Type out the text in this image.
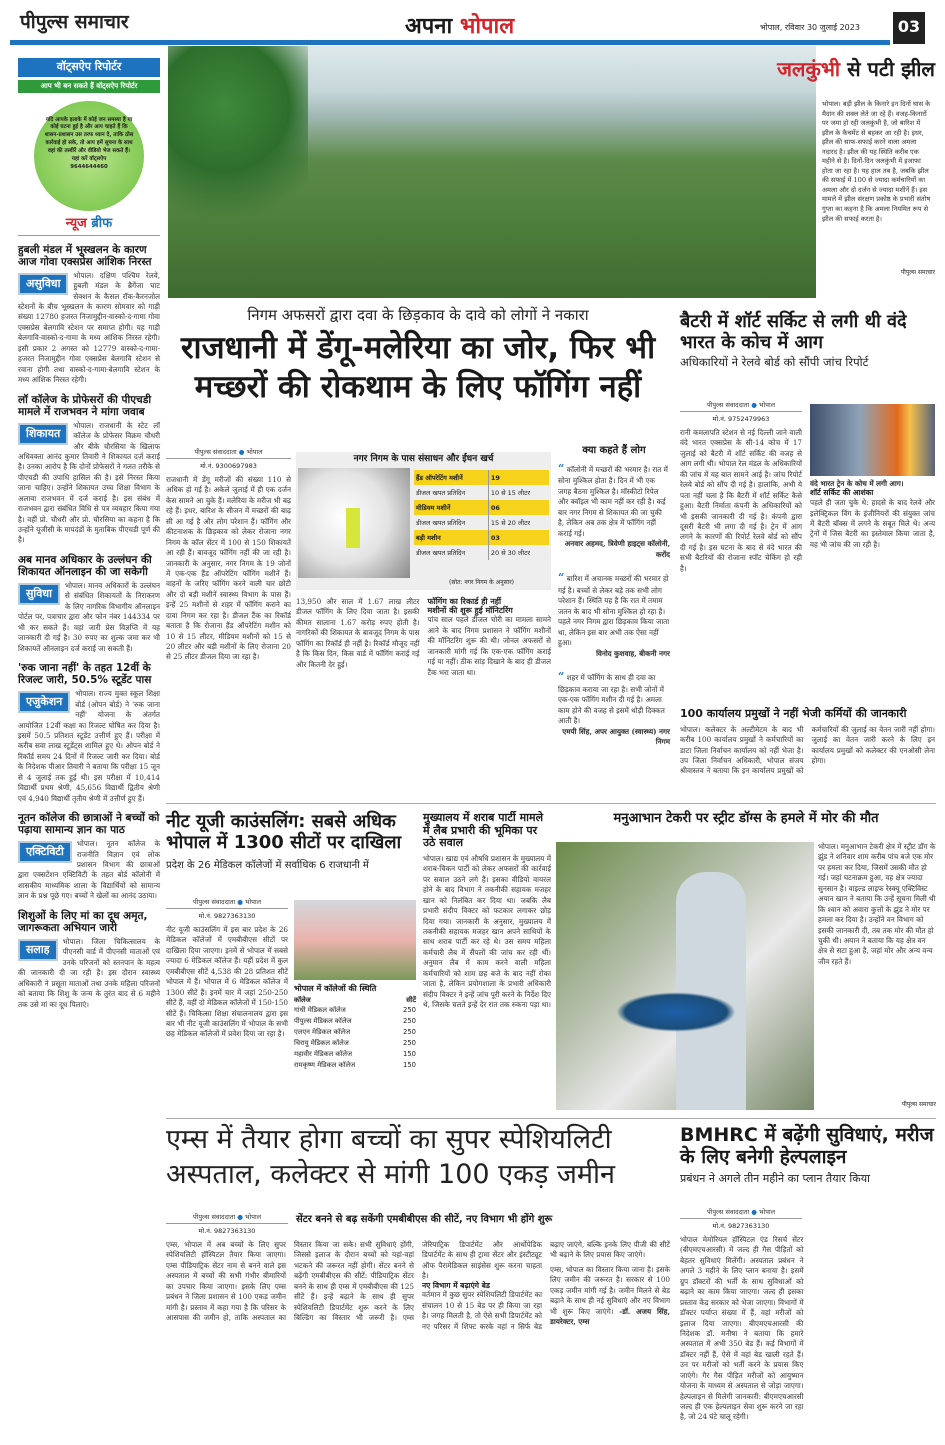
पीपुल्स समाचार	अपना भोपाल	भोपाल, रविवार 30 जुलाई 2023	03
वॉट्सऐप रिपोर्टर
आप भी बन सकते हैं वॉट्सऐप रिपोर्टर
यदि आपके इलाके में कोई जन समस्या है या कोई घटना हुई है और आप चाहते हैं कि शासन-प्रशासन उस तरफ ध्यान दे, ताकि ठोस कार्रवाई हो सके, तो आप हमें सूचना के साथ वहां की तस्वीरें और वीडियो भेज सकते हैं।
यहां करें वॉट्सऐप
9644644460
न्यूज ब्रीफ
हुबली मंडल में भूस्खलन के कारण आज गोवा एक्सप्रेस आंशिक निरस्त
असुविधा
भोपाल। दक्षिण पश्चिम रेलवे, हुबली मंडल के ब्रैगेंजा घाट सेक्शन के कैसल रॉक-कैरनजोल स्टेशनों के बीच भूस्खलन के कारण सोमवार को गाड़ी संख्या 12780 हजरत निजामुद्दीन-वास्को-द-गामा गोवा एक्सप्रेस बेलगावि स्टेशन पर समाप्त होगी। यह गाड़ी बेलगावि-वास्को-द-गामा के मध्य आंशिक निरस्त रहेगी। इसी प्रकार 2 अगस्त को 12779 वास्को-द-गामा-हजरत निजामुद्दीन गोवा एक्सप्रेस बेलगावि स्टेशन से रवाना होगी तथा वास्को-द-गामा-बेलगावि स्टेशन के मध्य आंशिक निरस्त रहेगी।
लॉ कॉलेज के प्रोफेसरों की पीएचडी मामले में राजभवन ने मांगा जवाब
शिकायत
भोपाल। राजधानी के स्टेट लॉ कॉलेज के प्रोफेसर विक्रम चौधरी और बीके चौरसिया के खिलाफ अधिवक्ता आनंद कुमार तिवारी ने शिकायत दर्ज कराई है। उनका आरोप है कि दोनों प्रोफेसरों ने गलत तरीके से पीएचडी की उपाधि हासिल की है। इसे निरस्त किया जाना चाहिए। उन्होंने शिकायत उच्च शिक्षा विभाग के अलावा राजभवन में दर्ज कराई है। इस संबंध में राजभवन द्वारा संबंधित विधि से पत्र व्यवहार किया गया है। वहीं प्रो. चौधरी और प्रो. चौरसिया का कहना है कि उन्होंने यूजीसी के मापदंडों के मुताबिक पीएचडी पूर्ण की है।
अब मानव अधिकार के उल्लंघन की शिकायत ऑनलाइन की जा सकेगी
सुविधा
भोपाल। मानव अधिकारों के उल्लंघन से संबंधित शिकायतों के निराकरण के लिए नागरिक विभागीय ऑनलाइन पोर्टल पर, पत्राचार द्वारा और फोन नंबर 144334 पर भी कर सकते हैं। वहां जारी प्रेस विज्ञप्ति में यह जानकारी दी गई है। 30 रुपए का शुल्क जमा कर भी शिकायतें ऑनलाइन दर्ज कराई जा सकती हैं।
'रुक जाना नहीं' के तहत 12वीं के रिजल्ट जारी, 50.5% स्टूडेंट पास
एजुकेशन
भोपाल। राज्य मुक्त स्कूल शिक्षा बोर्ड (ओपन बोर्ड) ने 'रुक जाना नहीं' योजना के अंतर्गत आयोजित 12वीं कक्षा का रिजल्ट घोषित कर दिया है। इसमें 50.5 प्रतिशत स्टूडेंट उत्तीर्ण हुए हैं। परीक्षा में करीब सवा लाख स्टूडेंट्स शामिल हुए थे। ओपन बोर्ड ने रिकॉर्ड समय 24 दिनों में रिजल्ट जारी कर दिया। बोर्ड के निदेशक पीआर तिवारी ने बताया कि परीक्षा 15 जून से 4 जुलाई तक हुई थी। इस परीक्षा में 10,414 विद्यार्थी प्रथम श्रेणी, 45,656 विद्यार्थी द्वितीय श्रेणी एवं 4,940 विद्यार्थी तृतीय श्रेणी में उत्तीर्ण हुए हैं।
नूतन कॉलेज की छात्राओं ने बच्चों को पढ़ाया सामान्य ज्ञान का पाठ
एक्टिविटी
भोपाल। नूतन कॉलेज के राजनीति विज्ञान एवं लोक प्रशासन विभाग की छात्राओं द्वारा एक्सटेंशन एक्टिविटी के तहत बोर्ड कॉलोनी में शासकीय माध्यमिक शाला के विद्यार्थियों को सामान्य ज्ञान के प्रश्न पूछे गए। बच्चों ने खेलों का आनंद उठाया।
शिशुओं के लिए मां का दूध अमृत, जागरूकता अभियान जारी
सलाह
भोपाल। जिला चिकित्सालय के पीएनसी वार्ड में पीएनसी माताओं एवं उनके परिजनों को स्तनपान के महत्व की जानकारी दी जा रही है। इस दौरान स्वास्थ्य अधिकारी ने प्रसूता माताओं तथा उनके महिला परिजनों को बताया कि शिशु के जन्म के तुरंत बाद से 6 महीने तक उसे मां का दूध पिलाएं।
जलकुंभी से पटी झील
भोपाल। बड़ी झील के किनारे इन दिनों घास के मैदान की शक्ल लेते जा रहे हैं। वजह-किनारों पर जमा हो रही जलकुंभी है, जो बारिश में झील के कैचमेंट से बहकर आ रही है। इधर, झील की साफ-सफाई करने वाला अमला नदारद है। झील की यह स्थिति करीब एक महीने से है। दिनों-दिन जलकुंभी में इजाफा होता जा रहा है। यह हाल तब है, जबकि झील की सफाई में 100 से ज्यादा कर्मचारियों का अमला और दो दर्जन से ज्यादा मशीनें हैं। इस मामले में झील संरक्षण प्रकोष्ठ के प्रभारी संतोष गुप्ता का कहना है कि अमला नियमित रूप से झील की सफाई करता है।
पीपुल्स समाचार
निगम अफसरों द्वारा दवा के छिड़काव के दावे को लोगों ने नकारा
राजधानी में डेंगू-मलेरिया का जोर, फिर भी मच्छरों की रोकथाम के लिए फॉगिंग नहीं
पीपुल्स संवाददाता ● भोपाल
मो.नं. 9300697983
राजधानी में डेंगू मरीजों की संख्या 110 से अधिक हो गई है। अकेले जुलाई में ही एक दर्जन केस सामने आ चुके हैं। मलेरिया के मरीज भी बढ़ रहे हैं। इधर, बारिश के सीजन में मच्छरों की बाढ़ सी आ गई है और लोग परेशान हैं। फॉगिंग और कीटनाशक के छिड़काव को लेकर रोजाना नगर निगम के कॉल सेंटर में 100 से 150 शिकायतें आ रही हैं। बावजूद फॉगिंग नहीं की जा रही है। जानकारी के अनुसार, नगर निगम के 19 जोनों में एक-एक हैंड ऑपरेटिंग फॉगिंग मशीनें हैं। वाहनों के जरिए फॉगिंग करने वाली चार छोटी और दो बड़ी मशीनें स्वास्थ्य विभाग के पास हैं। इन्हें 25 मशीनों से शहर में फॉगिंग कराने का दावा निगम कर रहा है। डीजल टैंक का रिकॉर्ड बताता है कि रोजाना हैंड ऑपरेटिंग मशीन को 10 से 15 लीटर, मीडियम मशीनों को 15 से 20 लीटर और बड़ी मशीनों के लिए रोजाना 20 से 25 लीटर डीजल दिया जा रहा है।
नगर निगम के पास संसाधन और ईंधन खर्च
हैंड ऑपरेटिंग मशीनें	19
डीजल खपत प्रतिदिन	10 से 15 लीटर
मीडियम मशीनें	06
डीजल खपत प्रतिदिन	15 से 20 लीटर
बड़ी मशीन	03
डीजल खपत प्रतिदिन	20 से 30 लीटर
(स्रोत: नगर निगम के अनुसार)
13,950 और साल में 1.67 लाख लीटर डीजल फॉगिंग के लिए दिया जाता है। इसकी कीमत सालाना 1.67 करोड़ रुपए होती है। नागरिकों की शिकायत के बावजूद निगम के पास फॉगिंग का रिकॉर्ड ही नहीं है। रिकॉर्ड मौजूद नहीं है कि किस दिन, किस वार्ड में फॉगिंग कराई गई और कितनी देर हुई।
फॉगिंग का रिकार्ड ही नहीं
मशीनों की शुरू हुई मॉनिटरिंग
पांच साल पहले डीजल चोरी का मामला सामने आने के बाद निगम प्रशासन ने फॉगिंग मशीनों की मॉनिटरिंग शुरू की थी। जोनल अफसरों से जानकारी मांगी गई कि एक-एक फॉगिंग कराई गई या नहीं। ठीक सांड़ दिखाने के बाद ही डीजल टैंक भरा जाता था।
क्या कहते हैं लोग
“ कॉलोनी में मच्छरों की भरमार है। रात में सोना मुश्किल होता है। दिन में भी एक जगह बैठना मुश्किल है। मॉस्कीटो रिपेल और क्वॉइल भी काम नहीं कर रही है। कई बार नगर निगम से शिकायत की जा चुकी है, लेकिन अब तक क्षेत्र में फॉगिंग नहीं कराई गई।
अनवार अहमद, त्रिवेणी हाइट्स कॉलोनी, करोंद
“ बारिश में अचानक मच्छरों की भरमार हो गई है। बच्चों से लेकर बड़े तक सभी लोग परेशान हैं। स्थिति यह है कि रात में तमाम जतन के बाद भी सोना मुश्किल हो रहा है। पहले नगर निगम द्वारा छिड़काव किया जाता था, लेकिन इस बार अभी तक ऐसा नहीं हुआ।
विनोद कुशवाह, बीकनी नगर
“ शहर में फॉगिंग के साथ ही दवा का छिड़काव कराया जा रहा है। सभी जोनों में एक-एक फॉगिंग मशीन दी गई है। अमला काम होने की वजह से इसमें थोड़ी दिक्कत आती है।
एमपी सिंह, अपर आयुक्त (स्वास्थ्य) नगर निगम
बैटरी में शॉर्ट सर्किट से लगी थी वंदे भारत के कोच में आग
अधिकारियों ने रेलवे बोर्ड को सौंपी जांच रिपोर्ट
पीपुल्स संवाददाता ● भोपाल
मो.नं. 9752479963
रानी कमलापति स्टेशन से नई दिल्ली जाने वाली वंदे भारत एक्सप्रेस के सी-14 कोच में 17 जुलाई को बैटरी में शॉर्ट सर्किट की वजह से आग लगी थी। भोपाल रेल मंडल के अधिकारियों की जांच में यह बात सामने आई है। जांच रिपोर्ट रेलवे बोर्ड को सौंप दी गई है। हालांकि, अभी ये पता नहीं चला है कि बैटरी में शॉर्ट सर्किट कैसे हुआ। बैटरी निर्माता कंपनी के अधिकारियों को भी इसकी जानकारी दी गई है। कंपनी द्वारा दूसरी बैटरी भी लगा दी गई है। ट्रेन में आग लगने के कारणों की रिपोर्ट रेलवे बोर्ड को सौंप दी गई है। इस घटना के बाद से वंदे भारत की सभी बैटरियों की रोजाना स्पॉट चेकिंग हो रही है।
वंदे भारत ट्रेन के कोच में लगी आग।
शॉर्ट सर्किट की आशंका
पहले ही जता चुके थे: हादसे के बाद रेलवे और इलेक्ट्रिकल विंग के इंजीनियरों की संयुक्त जांच में बैटरी बॉक्स में लगने के सबूत मिले थे। अन्य ट्रेनों में जिस बैटरी का इस्तेमाल किया जाता है, वह भी जांच की जा रही है।
100 कार्यालय प्रमुखों ने नहीं भेजी कर्मियों की जानकारी
भोपाल। कलेक्टर के अल्टीमेटम के बाद भी करीब 100 कार्यालय प्रमुखों ने कर्मचारियों का डाटा जिला निर्वाचन कार्यालय को नहीं भेजा है। उप जिला निर्वाचन अधिकारी, भोपाल संजय श्रीवास्तव ने बताया कि इन कार्यालय प्रमुखों को कर्मचारियों की जुलाई का वेतन जारी नहीं होगा। जुलाई का वेतन जारी करने के लिए इन कार्यालय प्रमुखों को कलेक्टर की एनओसी लेना होगा।
नीट यूजी काउंसलिंग: सबसे अधिक भोपाल में 1300 सीटों पर दाखिला
प्रदेश के 26 मेडिकल कॉलेजों में सर्वाधिक 6 राजधानी में
पीपुल्स संवाददाता ● भोपाल
मो.नं. 9827363130
नीट यूजी काउंसलिंग में इस बार प्रदेश के 26 मेडिकल कॉलेजों में एमबीबीएस सीटों पर दाखिला दिया जाएगा। इनमें से भोपाल में सबसे ज्यादा 6 मेडिकल कॉलेज हैं। यहीं प्रदेश में कुल एमबीबीएस सीटें 4,538 की 28 प्रतिशत सीटें भोपाल में हैं। भोपाल में 6 मेडिकल कॉलेज में 1300 सीटें हैं। इनमें चार में जहां 250-250 सीटें हैं, वहीं दो मेडिकल कॉलेजों में 150-150 सीटें हैं। चिकित्सा शिक्षा संचालनालय द्वारा इस बार भी नीट यूजी काउंसलिंग में भोपाल के सभी छह मेडिकल कॉलेजों में प्रवेश दिया जा रहा है।
भोपाल में कॉलेजों की स्थिति
कॉलेज	सीटें
गांधी मेडिकल कॉलेज	250
पीपुल्स मेडिकल कॉलेज	250
एलएन मेडिकल कॉलेज	250
चिरायु मेडिकल कॉलेज	250
महावीर मेडिकल कॉलेज	150
रामकृष्ण मेडिकल कॉलेज	150
मुख्यालय में शराब पार्टी मामले में लैब प्रभारी की भूमिका पर उठे सवाल
भोपाल। खाद्य एवं औषधि प्रशासन के मुख्यालय में शराब-चिकन पार्टी को लेकर अफसरों की कार्रवाई पर सवाल उठने लगे हैं। इसका वीडियो वायरल होने के बाद विभाग ने तकनीकी सहायक मजहर खान को निलंबित कर दिया था। जबकि लैब प्रभारी संदीप विक्टर को फटकार लगाकर छोड़ दिया गया। जानकारी के अनुसार, मुख्यालय में तकनीकी सहायक मजहर खान अपने साथियों के साथ शराब पार्टी कर रहे थे। उस समय महिला कर्मचारी लैब में सैंपलों की जांच कर रही थीं। अनुमान लैब में काम करने वाली महिला कर्मचारियों को शाम छह बजे के बाद नहीं रोका जाता है, लेकिन प्रयोगशाला के प्रभारी अधिकारी संदीप विक्टर ने इन्हें जांच पूरी करने के निर्देश दिए थे, जिसके चलते इन्हें देर रात तक रुकना पड़ा था।
मनुआभान टेकरी पर स्ट्रीट डॉग्स के हमले में मोर की मौत
भोपाल। मनुआभान टेकरी क्षेत्र में स्ट्रीट डॉग के झुंड ने शनिवार शाम करीब पांच बजे एक मोर पर हमला कर दिया, जिसमें उसकी मौत हो गई। जहां घटनाक्रम हुआ, वह क्षेत्र ज्यादा सुनसान है। वाइल्ड लाइफ रेस्क्यू एक्टिविस्ट अयान खान ने बताया कि उन्हें सूचना मिली थी कि श्वान को अवारा कुत्तों के झुंड ने मोर पर हमला कर दिया है। उन्होंने वन विभाग को इसकी जानकारी दी, तब तक मोर की मौत हो चुकी थी। अयान ने बताया कि यह क्षेत्र वन क्षेत्र से सटा हुआ है, जहां मोर और अन्य वन्य जीव रहते हैं।
पीपुल्स समाचार
एम्स में तैयार होगा बच्चों का सुपर स्पेशियलिटी अस्पताल, कलेक्टर से मांगी 100 एकड़ जमीन
पीपुल्स संवाददाता ● भोपाल
मो.नं. 9827363130
सेंटर बनने से बढ़ सकेंगी एमबीबीएस की सीटें, नए विभाग भी होंगे शुरू
एम्स, भोपाल में अब बच्चों के लिए सुपर स्पेशियलिटी हॉस्पिटल तैयार किया जाएगा। एम्स पीडियाट्रिक सेंटर नाम से बनने वाले इस अस्पताल में बच्चों की सभी गंभीर बीमारियों का उपचार किया जाएगा। इसके लिए एम्स प्रबंधन ने जिला प्रशासन से 100 एकड़ जमीन मांगी है। प्रस्ताव में कहा गया है कि परिसर के आसपास की जमीन हो, ताकि अस्पताल का विस्तार किया जा सके। सभी सुविधाएं होंगी, जिससे इलाज के दौरान बच्चों को यहां-वहां भटकने की जरूरत नहीं होगी। सेंटर बनने से बढ़ेंगी एमबीबीएस की सीटें: पीडियाट्रिक सेंटर बनने के साथ ही एम्स में एमबीबीएस की 125 सीटें हैं। इन्हें बढ़ाने के साथ ही सुपर स्पेशियलिटी डिपार्टमेंट शुरू करने के लिए बिल्डिंग का विस्तार भी जरूरी है। एम्स जेरियाट्रिक डिपार्टमेंट और आर्थोपेडिक डिपार्टमेंट के साथ ही ट्रामा सेंटर और इंस्टीट्यूट ऑफ पैरामेडिकल साइंसेस शुरू करना चाहता है।
नए विभाग में बढ़ाएंगे बेड
वर्तमान में कुछ सुपर स्पेशियलिटी डिपार्टमेंट का संचालन 10 से 15 बेड पर ही किया जा रहा है। जगह मिलती है, तो ऐसे सभी डिपार्टमेंट को नए परिसर में शिफ्ट करके वहां न सिर्फ बेड बढ़ाए जाएंगे, बल्कि इनके लिए पीजी की सीटें भी बढ़ाने के लिए प्रयास किए जाएंगे।
एम्स, भोपाल का विस्तार किया जाना है। इसके लिए जमीन की जरूरत है। सरकार से 100 एकड़ जमीन मांगी गई है। जमीन मिलने से बेड बढ़ाने के साथ ही नई सुविधाएं और नए विभाग भी शुरू किए जाएंगे। -डॉ. अजय सिंह, डायरेक्टर, एम्स
BMHRC में बढ़ेंगी सुविधाएं, मरीज के लिए बनेगी हेल्पलाइन
प्रबंधन ने अगले तीन महीने का प्लान तैयार किया
पीपुल्स संवाददाता ● भोपाल
मो.नं. 9827363130
भोपाल मेमोरियल हॉस्पिटल एंड रिसर्च सेंटर (बीएमएचआरसी) में जल्द ही गैस पीड़ितों को बेहतर सुविधाएं मिलेंगी। अस्पताल प्रबंधन ने अगले 3 महीने के लिए प्लान बनाया है। इसमें ग्रुप डॉक्टरों की भर्ती के साथ सुविधाओं को बढ़ाने का काम किया जाएगा। जल्द ही इसका प्रस्ताव केंद्र सरकार को भेजा जाएगा। विभागों में डॉक्टर पर्याप्त संख्या में हैं, वहां मरीजों को इलाज दिया जाएगा। बीएमएचआरसी की निदेशक डॉ. मनीषा ने बताया कि हमारे अस्पताल में अभी 350 बेड हैं। कई विभागों में डॉक्टर नहीं हैं, ऐसे में वहां बेड खाली रहते हैं। उन पर मरीजों को भर्ती करने के प्रयास किए जाएंगे। गैर गैस पीड़ित मरीजों को आयुष्मान योजना के माध्यम से अस्पताल से जोड़ा जाएगा। हेल्पलाइन से मिलेगी जानकारी: बीएमएचआरसी जल्द ही एक हेल्पलाइन सेवा शुरू करने जा रहा है, जो 24 घंटे चालू रहेगी।
